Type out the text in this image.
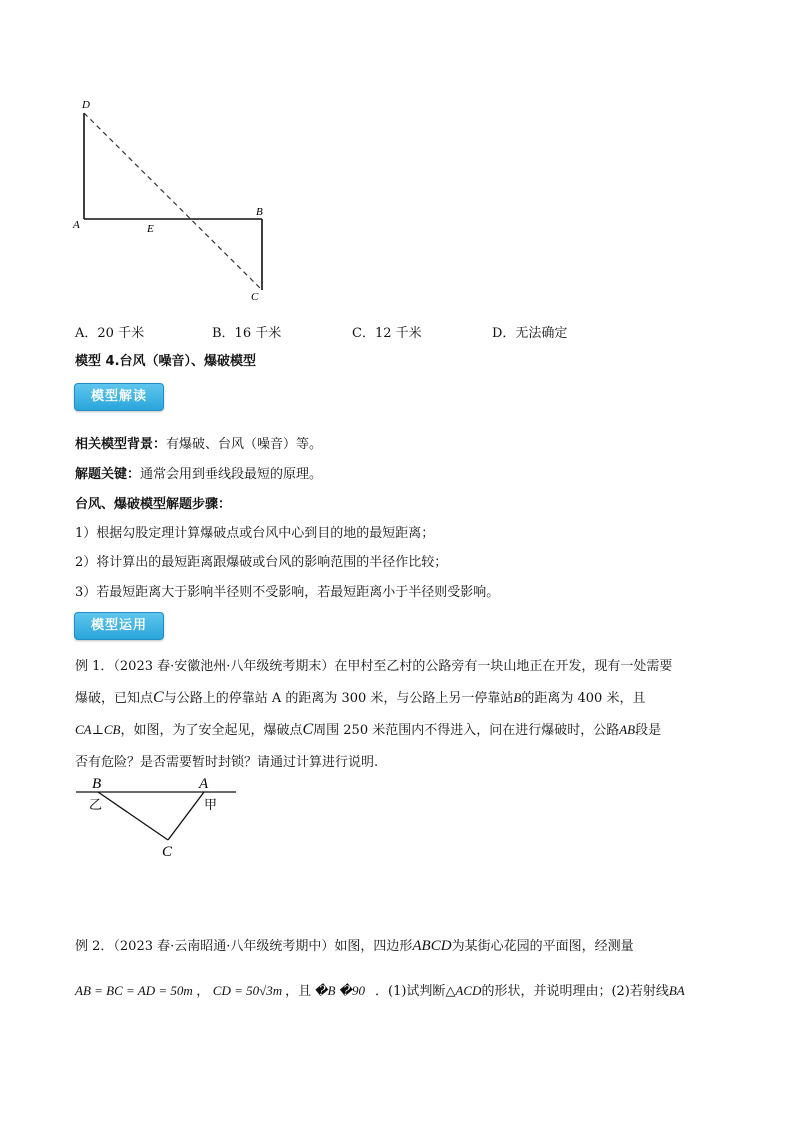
D
A	E
B
C
A．20 千米	B．16 千米	C．12 千米	D．无法确定
模型 4.台风（噪音）、爆破模型
模型解读
相关模型背景：有爆破、台风（噪音）等。
解题关键：通常会用到垂线段最短的原理。
台风、爆破模型解题步骤：
1）根据勾股定理计算爆破点或台风中心到目的地的最短距离；
2）将计算出的最短距离跟爆破或台风的影响范围的半径作比较；
3）若最短距离大于影响半径则不受影响，若最短距离小于半径则受影响。
模型运用
例 1．（2023 春·安徽池州·八年级统考期末）在甲村至乙村的公路旁有一块山地正在开发，现有一处需要
爆破，已知点C与公路上的停靠站 A 的距离为 300 米，与公路上另一停靠站B的距离为 400 米，且
CA⊥CB，如图，为了安全起见，爆破点C周围 250 米范围内不得进入，问在进行爆破时，公路AB段是
否有危险？是否需要暂时封锁？请通过计算进行说明.
B	A
C
乙	甲
例 2．（2023 春·云南昭通·八年级统考期中）如图，四边形ABCD为某街心花园的平面图，经测量
AB = BC = AD = 50m ， CD = 50√3m ，且 �B �90 ．(1)试判断△ACD的形状，并说明理由；(2)若射线BA
